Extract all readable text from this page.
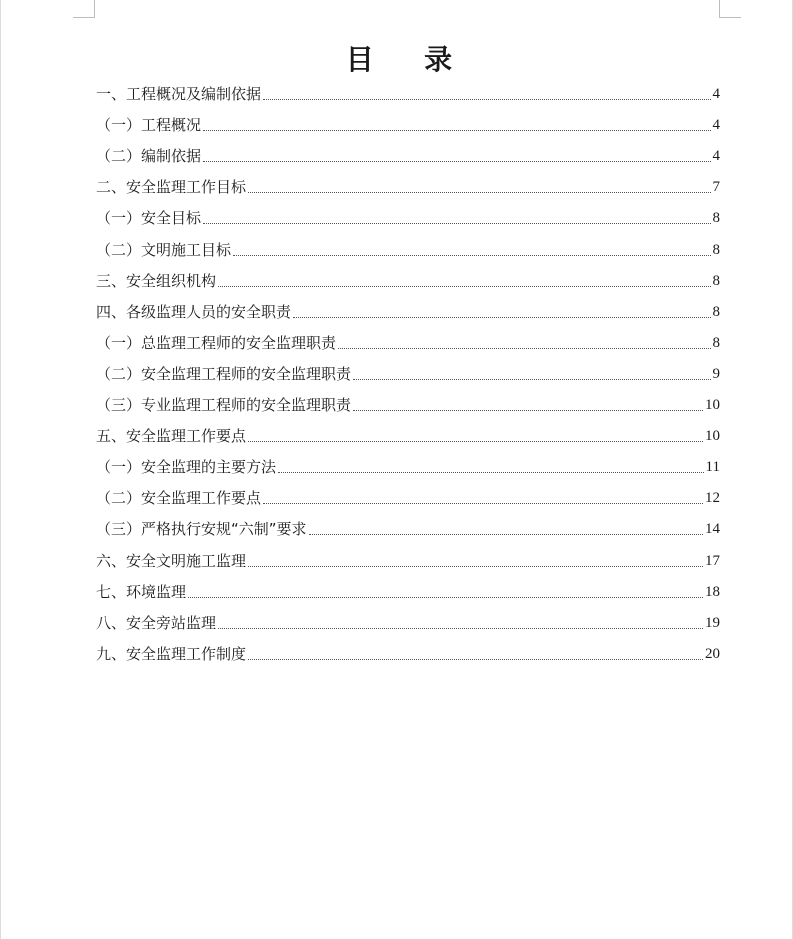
目　录
一、工程概况及编制依据	4
（一）工程概况	4
（二）编制依据	4
二、安全监理工作目标	7
（一）安全目标	8
（二）文明施工目标	8
三、安全组织机构	8
四、各级监理人员的安全职责	8
（一）总监理工程师的安全监理职责	8
（二）安全监理工程师的安全监理职责	9
（三）专业监理工程师的安全监理职责	10
五、安全监理工作要点	10
（一）安全监理的主要方法	11
（二）安全监理工作要点	12
（三）严格执行安规“六制”要求	14
六、安全文明施工监理	17
七、环境监理	18
八、安全旁站监理	19
九、安全监理工作制度	20
